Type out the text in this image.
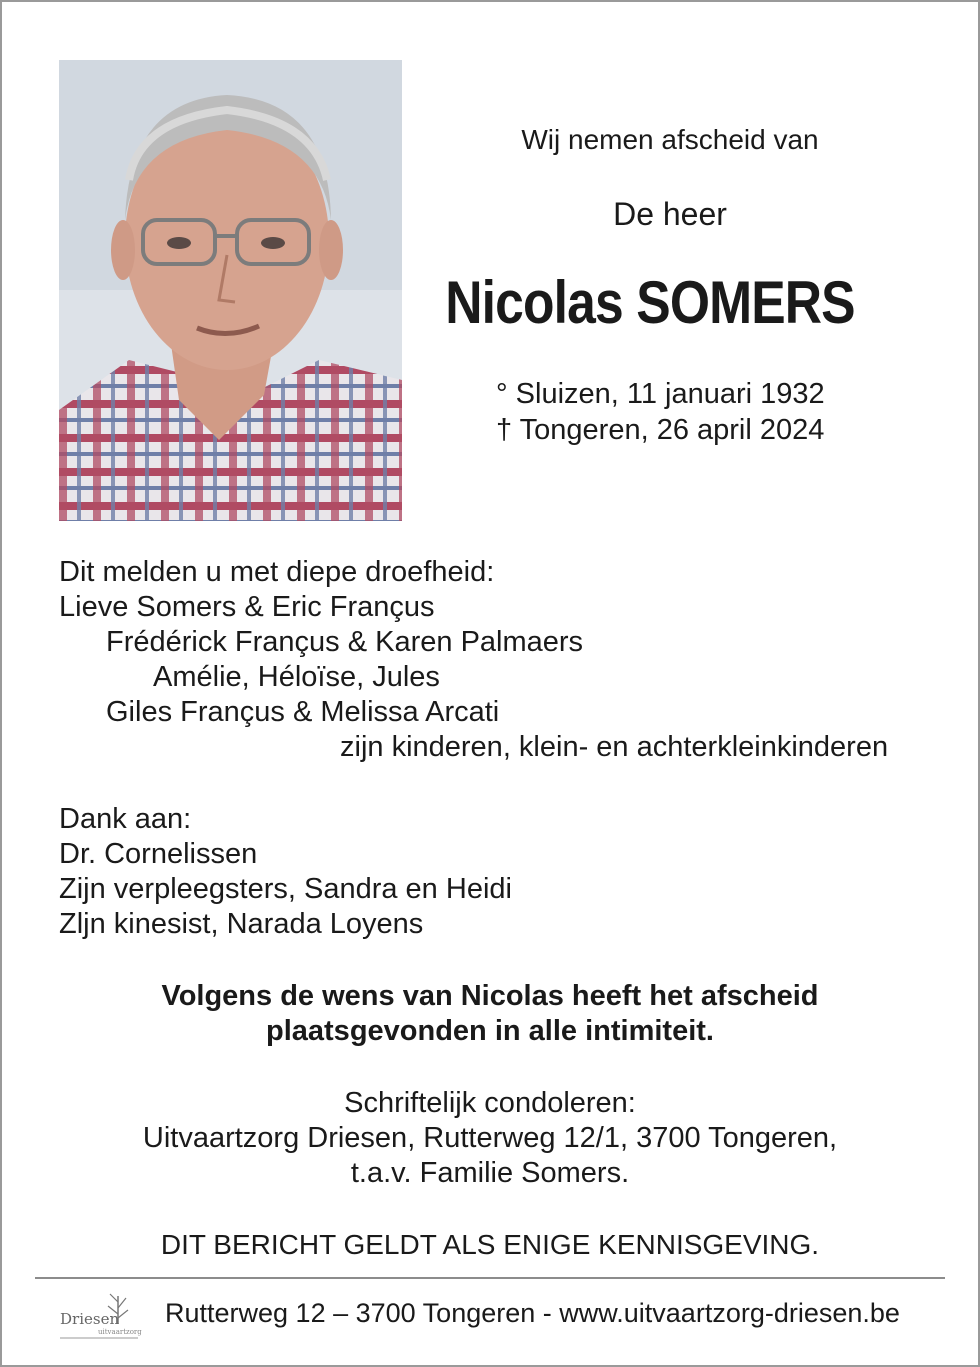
Wij nemen afscheid van
De heer
Nicolas SOMERS
° Sluizen, 11 januari 1932
† Tongeren, 26 april 2024
Dit melden u met diepe droefheid:
Lieve Somers & Eric Françus
Frédérick Françus & Karen Palmaers
Amélie, Héloïse, Jules
Giles Françus & Melissa Arcati
zijn kinderen, klein- en achterkleinkinderen
Dank aan:
Dr. Cornelissen
Zijn verpleegsters, Sandra en Heidi
Zljn kinesist, Narada Loyens
Volgens de wens van Nicolas heeft het afscheid
plaatsgevonden in alle intimiteit.
Schriftelijk condoleren:
Uitvaartzorg Driesen, Rutterweg 12/1, 3700 Tongeren,
t.a.v. Familie Somers.
DIT BERICHT GELDT ALS ENIGE KENNISGEVING.
Driesen
uitvaartzorg
Rutterweg 12 – 3700 Tongeren - www.uitvaartzorg-driesen.be
